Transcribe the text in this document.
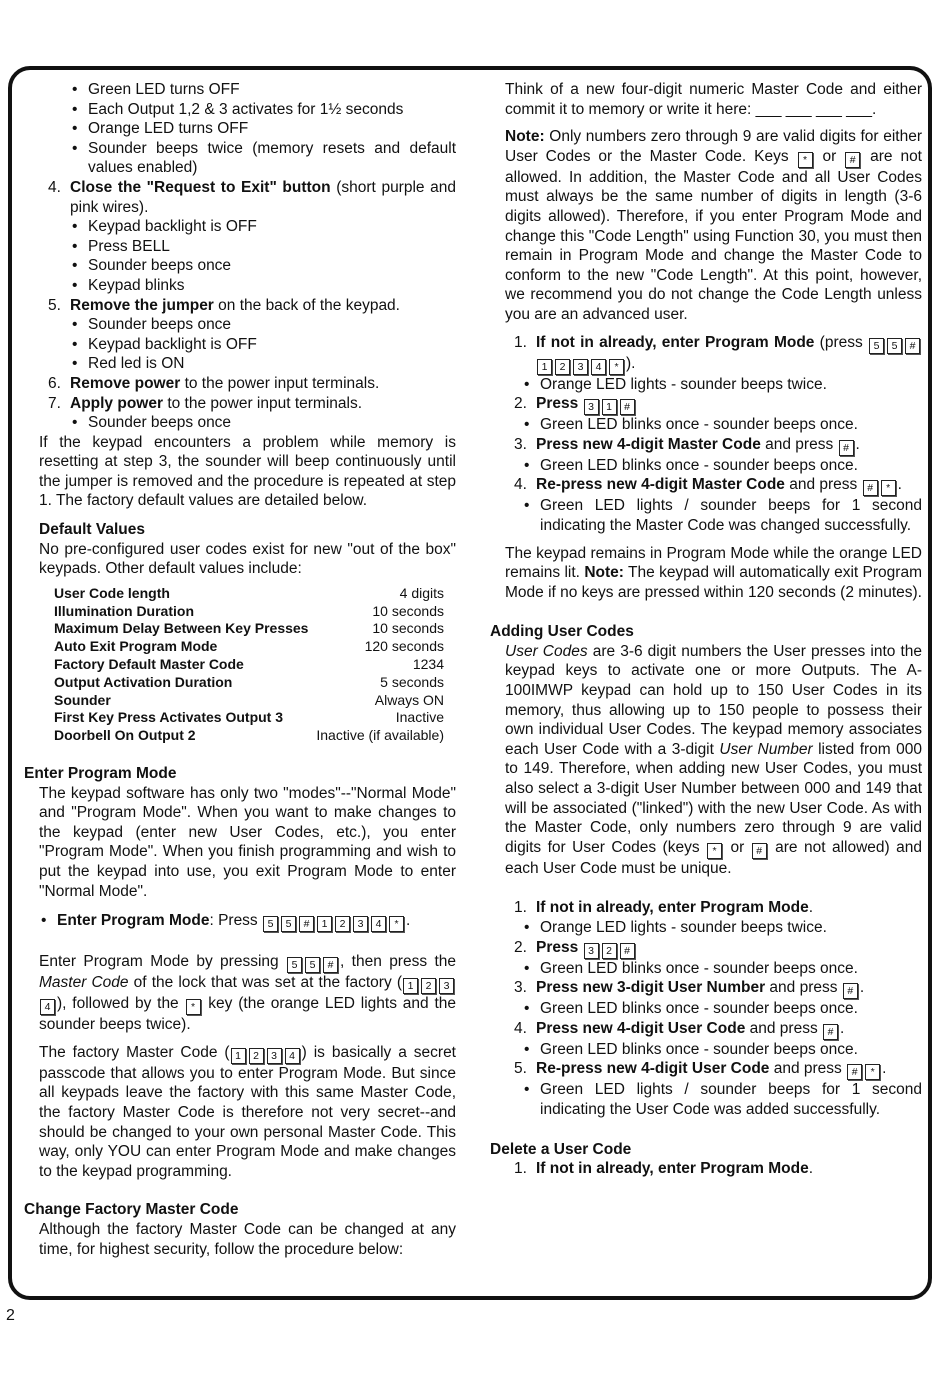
• Green LED turns OFF

• Each Output 1,2 & 3 activates for 1½ seconds

• Orange LED turns OFF

• Sounder beeps twice (memory resets and default values enabled)

4. Close the "Request to Exit" button (short purple and pink wires).

• Keypad backlight is OFF

• Press BELL

• Sounder beeps once

• Keypad blinks

5. Remove the jumper on the back of the keypad.

• Sounder beeps once

• Keypad backlight is OFF

• Red led is ON

6. Remove power to the power input terminals.

7. Apply power to the power input terminals.

• Sounder beeps once

If the keypad encounters a problem while memory is resetting at step 3, the sounder will beep continuously until the jumper is removed and the procedure is repeated at step 1. The factory default values are detailed below.

Default Values

No pre-configured user codes exist for new "out of the box" keypads. Other default values include:

User Code length	4 digits
Illumination Duration	10 seconds
Maximum Delay Between Key Presses	10 seconds
Auto Exit Program Mode	120 seconds
Factory Default Master Code	1234
Output Activation Duration	5 seconds
Sounder	Always ON
First Key Press Activates Output 3	Inactive
Doorbell On Output 2	Inactive (if available)

Enter Program Mode

The keypad software has only two "modes"--"Normal Mode" and "Program Mode". When you want to make changes to the keypad (enter new User Codes, etc.), you enter "Program Mode". When you finish programming and wish to put the keypad into use, you exit Program Mode to enter "Normal Mode".

• Enter Program Mode: Press 5 5 # 1 2 3 4 * .

Enter Program Mode by pressing 5 5 # , then press the Master Code of the lock that was set at the factory ( 1 2 34 ), followed by the * key (the orange LED lights and the sounder beeps twice).

The factory Master Code ( 1 2 3 4 ) is basically a secret passcode that allows you to enter Program Mode. But since all keypads leave the factory with this same Master Code, the factory Master Code is therefore not very secret--and should be changed to your own personal Master Code. This way, only YOU can enter Program Mode and make changes to the keypad programming.

Change Factory Master Code

Although the factory Master Code can be changed at any time, for highest security, follow the procedure below:

Think of a new four-digit numeric Master Code and either commit it to memory or write it here: ___ ___ ___ ___.

Note: Only numbers zero through 9 are valid digits for either User Codes or the Master Code. Keys * or # are not allowed. In addition, the Master Code and all User Codes must always be the same number of digits in length (3-6 digits allowed). Therefore, if you enter Program Mode and change this "Code Length" using Function 30, you must then remain in Program Mode and change the Master Code to conform to the new "Code Length". At this point, however, we recommend you do not change the Code Length unless you are an advanced user.

1. If not in already, enter Program Mode (press 5 5 #1 2 3 4 * ).

• Orange LED lights - sounder beeps twice.

2. Press 3 1 #

• Green LED blinks once - sounder beeps once.

3. Press new 4-digit Master Code and press # .

• Green LED blinks once - sounder beeps once.

4. Re-press new 4-digit Master Code and press # * .

• Green LED lights / sounder beeps for 1 second indicating the Master Code was changed successfully.

The keypad remains in Program Mode while the orange LED remains lit. Note: The keypad will automatically exit Program Mode if no keys are pressed within 120 seconds (2 minutes).

Adding User Codes

User Codes are 3-6 digit numbers the User presses into the keypad keys to activate one or more Outputs. The A-100IMWP keypad can hold up to 150 User Codes in its memory, thus allowing up to 150 people to possess their own individual User Codes. The keypad memory associates each User Code with a 3-digit User Number listed from 000 to 149. Therefore, when adding new User Codes, you must also select a 3-digit User Number between 000 and 149 that will be associated ("linked") with the new User Code. As with the Master Code, only numbers zero through 9 are valid digits for User Codes (keys * or # are not allowed) and each User Code must be unique.

1. If not in already, enter Program Mode.

• Orange LED lights - sounder beeps twice.

2. Press 3 2 #

• Green LED blinks once - sounder beeps once.

3. Press new 3-digit User Number and press # .

• Green LED blinks once - sounder beeps once.

4. Press new 4-digit User Code and press # .

• Green LED blinks once - sounder beeps once.

5. Re-press new 4-digit User Code and press # * .

• Green LED lights / sounder beeps for 1 second indicating the User Code was added successfully.

Delete a User Code

1. If not in already, enter Program Mode.

2
